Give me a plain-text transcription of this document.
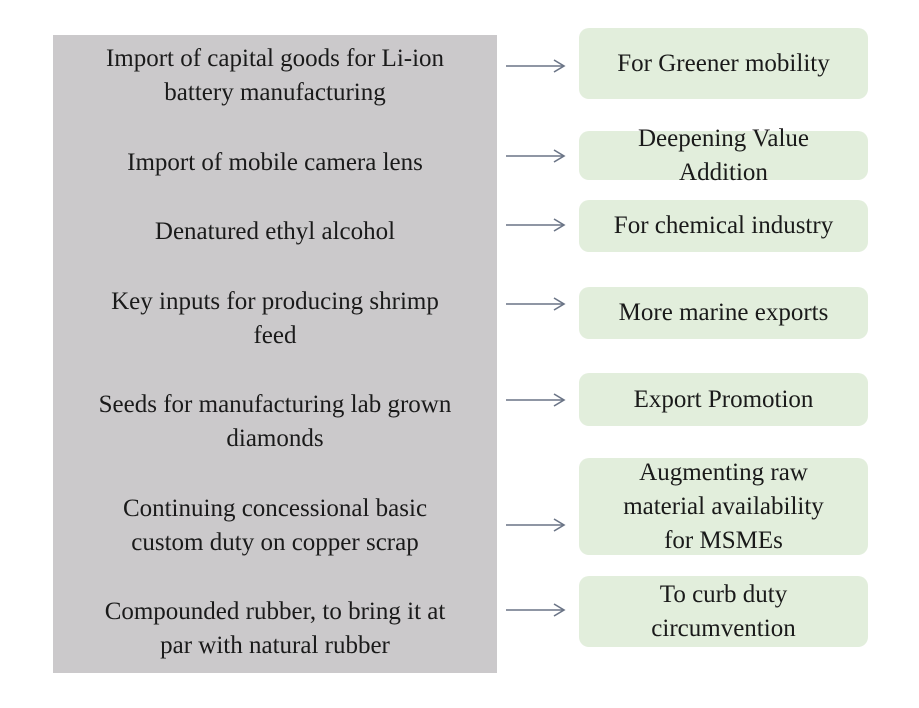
Import of capital goods for Li-ion
battery manufacturing
For Greener mobility
Import of mobile camera lens
Deepening Value
Addition
Denatured ethyl alcohol	For chemical industry
Key inputs for producing shrimp
feed
More marine exports
Seeds for manufacturing lab grown
diamonds
Export Promotion
Continuing concessional basic
custom duty on copper scrap
Augmenting raw
material availability
for MSMEs
Compounded rubber, to bring it at
par with natural rubber
To curb duty
circumvention
